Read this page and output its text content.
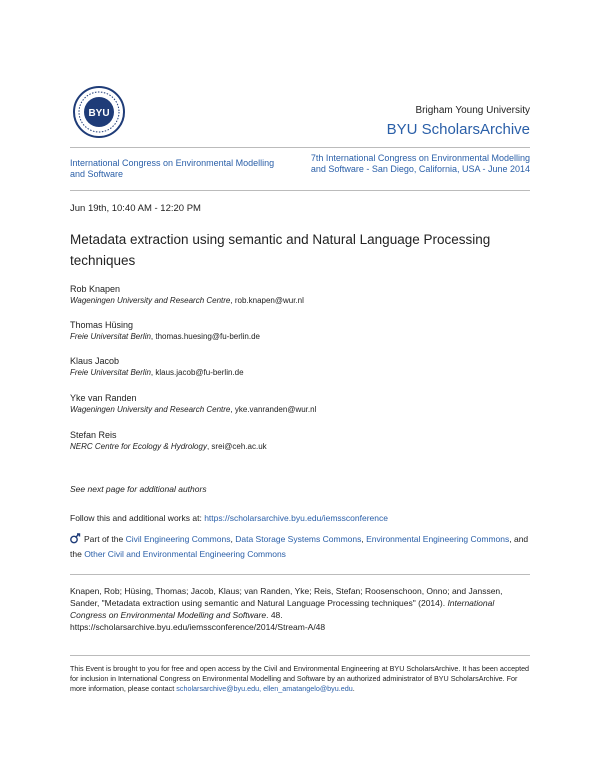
BYU	Brigham Young University
BYU ScholarsArchive
International Congress on Environmental Modelling and Software
7th International Congress on Environmental Modelling and Software - San Diego, California, USA - June 2014
Jun 19th, 10:40 AM - 12:20 PM
Metadata extraction using semantic and Natural Language Processing techniques
Rob Knapen
Wageningen University and Research Centre, rob.knapen@wur.nl
Thomas Hüsing
Freie Universitat Berlin, thomas.huesing@fu-berlin.de
Klaus Jacob
Freie Universitat Berlin, klaus.jacob@fu-berlin.de
Yke van Randen
Wageningen University and Research Centre, yke.vanranden@wur.nl
Stefan Reis
NERC Centre for Ecology & Hydrology, srei@ceh.ac.uk
See next page for additional authors
Follow this and additional works at: https://scholarsarchive.byu.edu/iemssconference
Part of the Civil Engineering Commons, Data Storage Systems Commons, Environmental Engineering Commons, and the Other Civil and Environmental Engineering Commons
Knapen, Rob; Hüsing, Thomas; Jacob, Klaus; van Randen, Yke; Reis, Stefan; Roosenschoon, Onno; and Janssen, Sander, "Metadata extraction using semantic and Natural Language Processing techniques" (2014). International Congress on Environmental Modelling and Software. 48.
https://scholarsarchive.byu.edu/iemssconference/2014/Stream-A/48
This Event is brought to you for free and open access by the Civil and Environmental Engineering at BYU ScholarsArchive. It has been accepted for inclusion in International Congress on Environmental Modelling and Software by an authorized administrator of BYU ScholarsArchive. For more information, please contact scholarsarchive@byu.edu, ellen_amatangelo@byu.edu.
